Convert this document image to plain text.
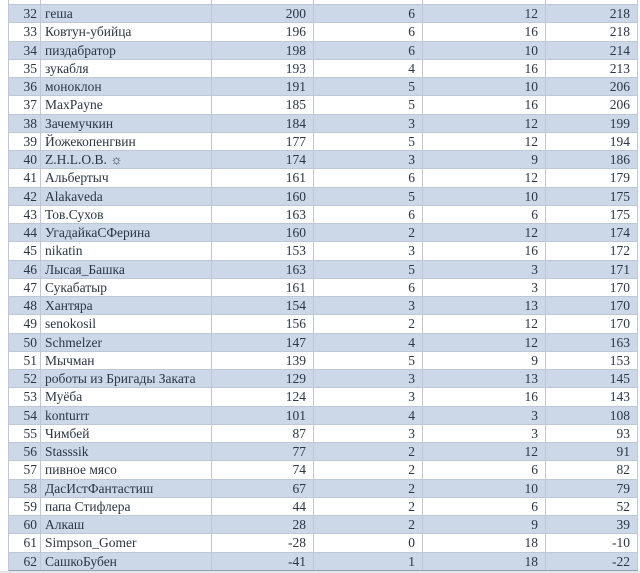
32 геша	200	6	12	218
33 Ковтун-убийца	196	6	16	218
34 пиздабратор	198	6	10	214
35 зукабля	193	4	16	213
36 моноклон	191	5	10	206
37 MaxPayne	185	5	16	206
38 Зачемучкин	184	3	12	199
39 Йожекопенгвин	177	5	12	194
40 Z.H.L.O.B. ☼	174	3	9	186
41 Альбертыч	161	6	12	179
42 Alakaveda	160	5	10	175
43 Тов.Сухов	163	6	6	175
44 УгадайкаСФерина	160	2	12	174
45 nikatin	153	3	16	172
46 Лысая_Башка	163	5	3	171
47 Сукабатыр	161	6	3	170
48 Хантяра	154	3	13	170
49 senokosil	156	2	12	170
50 Schmelzer	147	4	12	163
51 Мычман	139	5	9	153
52 роботы из Бригады Заката	129	3	13	145
53 Муёба	124	3	16	143
54 konturrr	101	4	3	108
55 Чимбей	87	3	3	93
56 Stasssik	77	2	12	91
57 пивное мясо	74	2	6	82
58 ДасИстФантастиш	67	2	10	79
59 папа Стифлера	44	2	6	52
60 Алкаш	28	2	9	39
61 Simpson_Gomer	-28	0	18	-10
62 СашкоБубен	-41	1	18	-22
